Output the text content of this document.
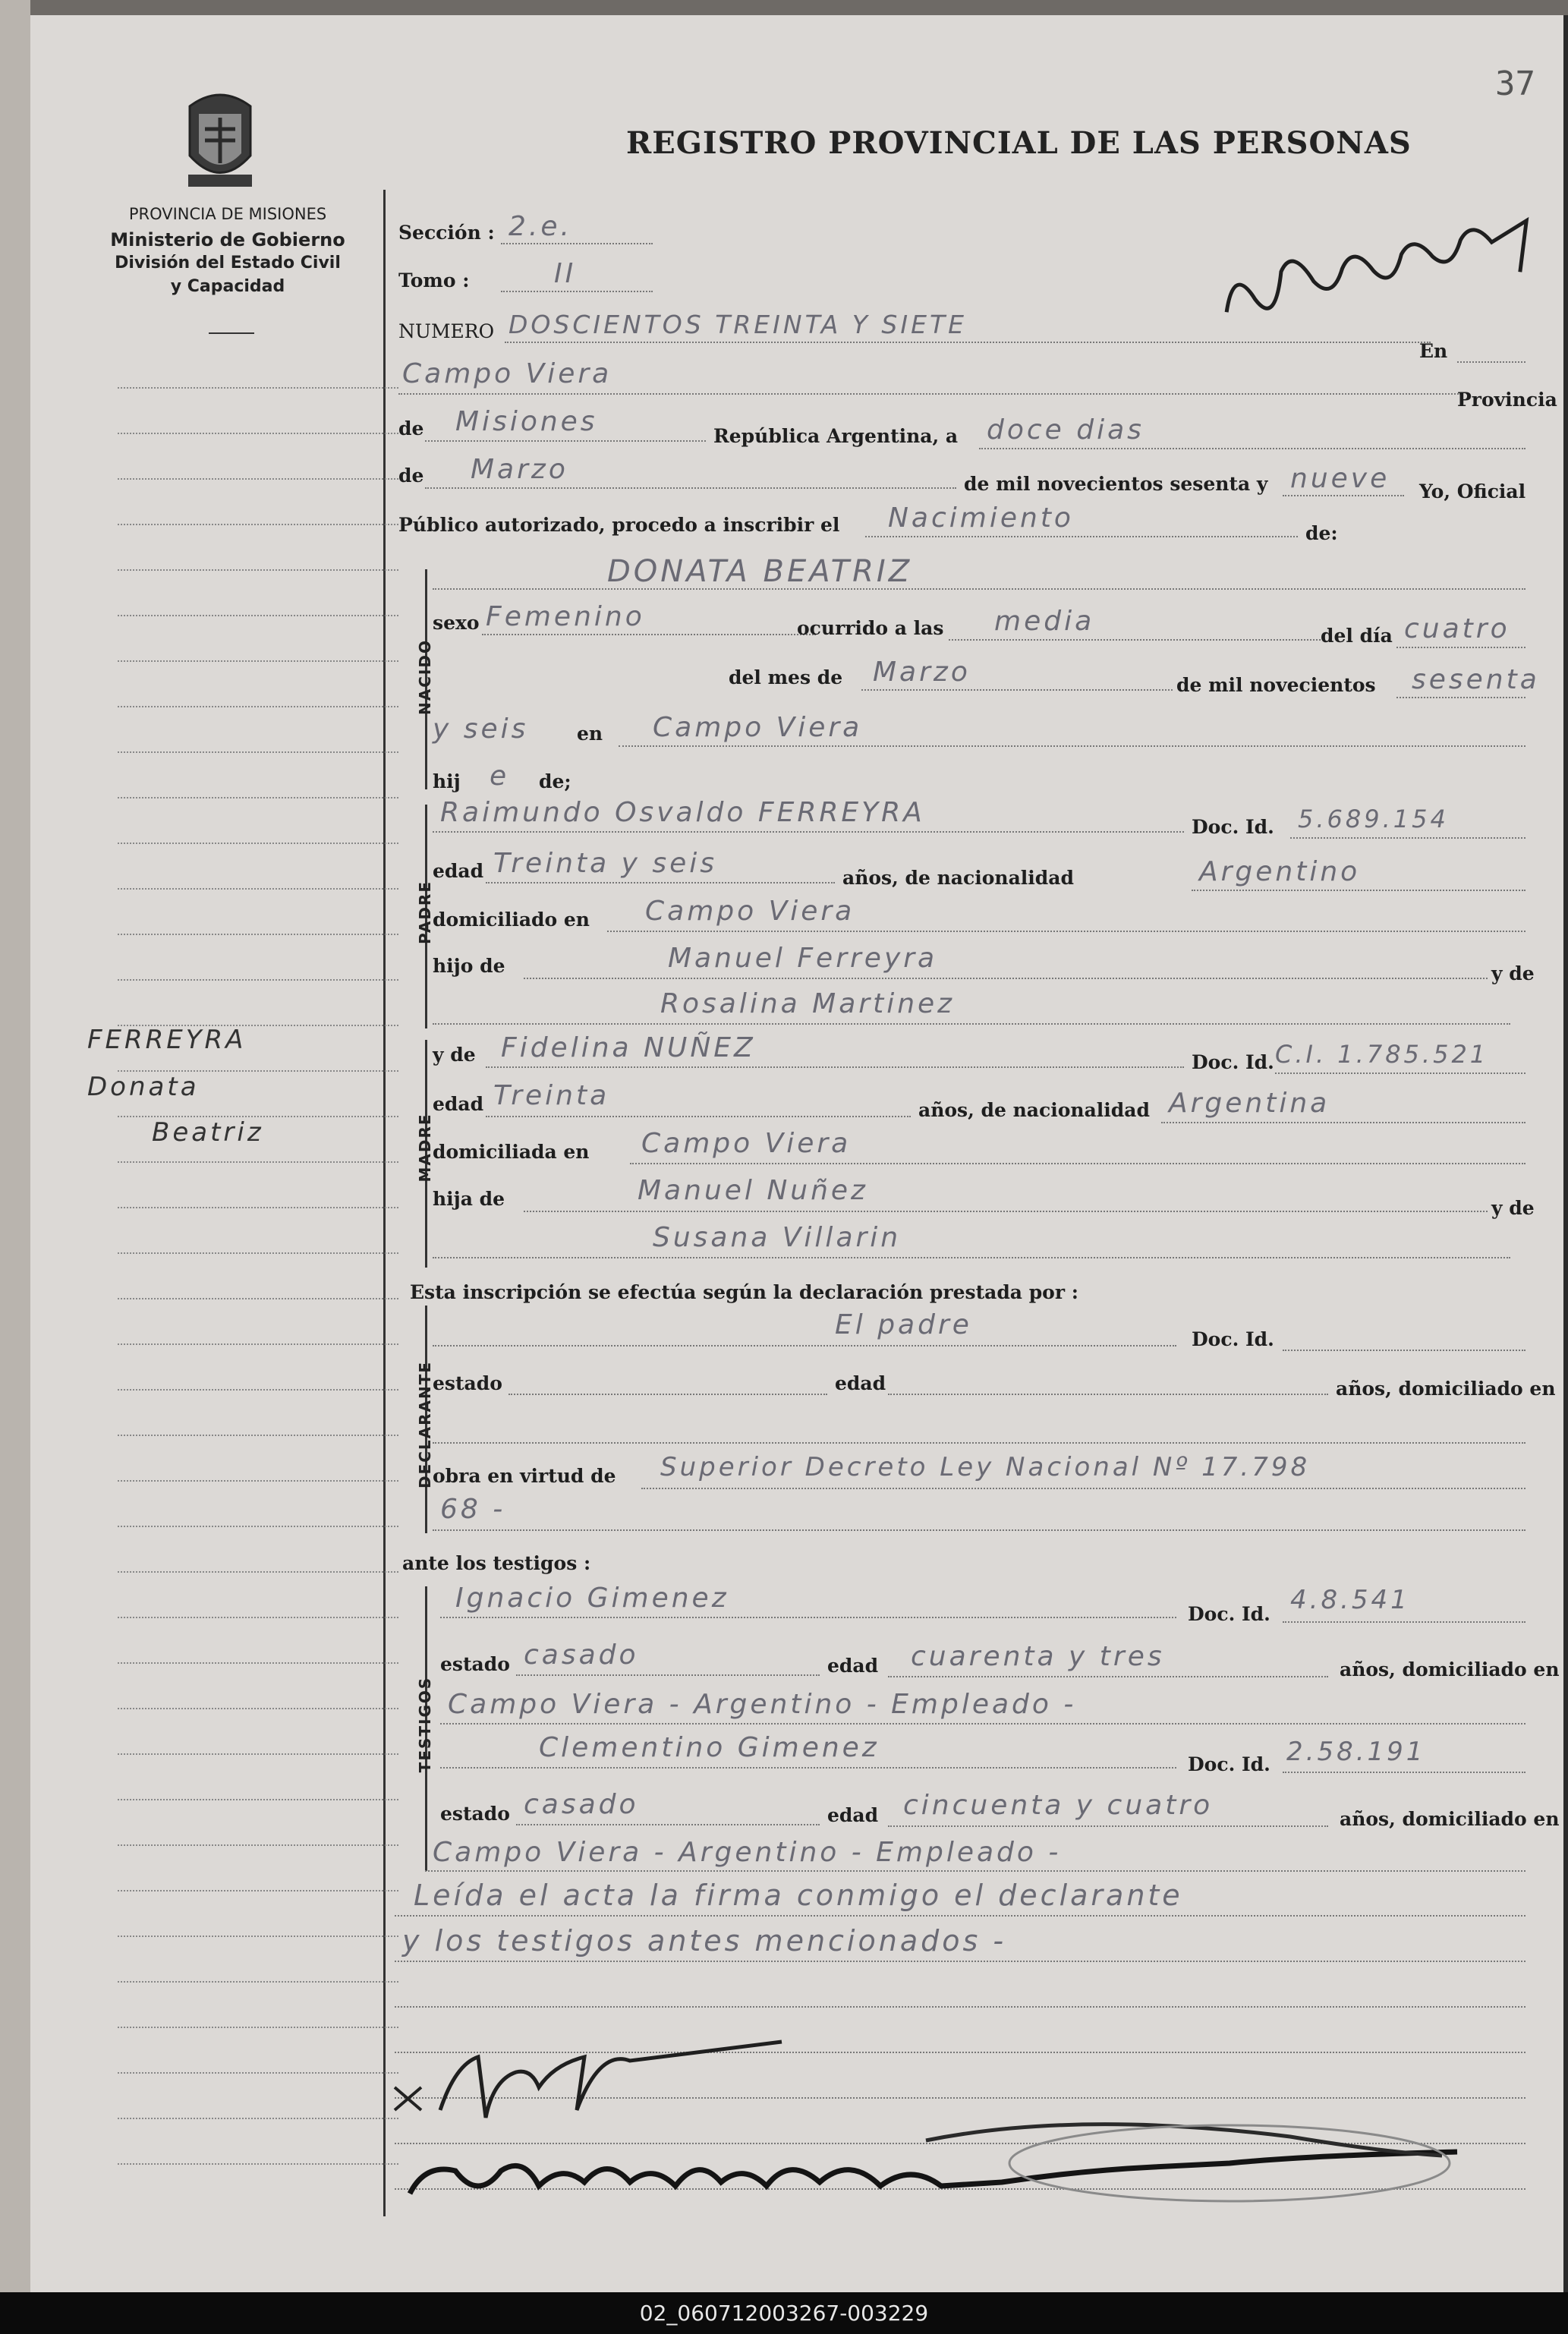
37
PROVINCIA DE MISIONES
Ministerio de Gobierno
División del Estado Civil
y Capacidad
REGISTRO PROVINCIAL DE LAS PERSONAS
Sección : 2.e.
Tomo :	II
NUMERO DOSCIENTOS TREINTA Y SIETE
En
Campo Viera
Provincia
de Misiones	República Argentina, a doce dias
de Marzo	de mil novecientos sesenta y nueve Yo, Oficial
Público autorizado, procedo a inscribir el Nacimiento	de:
NACIDO
DONATA BEATRIZ
sexo Femenino	ocurrido a las media	del día cuatro
del mes de Marzo	de mil novecientos sesenta
y seis	en Campo Viera
hij e de;
PADRE
Raimundo Osvaldo FERREYRA	Doc. Id. 5.689.154
edad Treinta y seis	años, de nacionalidad	Argentino
domiciliado en Campo Viera
hijo de	Manuel Ferreyra	y de
Rosalina Martinez
MADRE
y de Fidelina NUÑEZ	Doc. Id. C.I. 1.785.521
edad Treinta	años, de nacionalidad Argentina
domiciliada en Campo Viera
hija de	Manuel Nuñez
y de
Susana Villarin
Esta inscripción se efectúa según la declaración prestada por :
DECLARANTE
El padre	Doc. Id.
estado	edad	años, domiciliado en
obra en virtud de Superior Decreto Ley Nacional Nº 17.798
68 -
ante los testigos :
TESTIGOS
Ignacio Gimenez
Doc. Id. 4.8.541
estado casado	edad cuarenta y tres	años, domiciliado en
Campo Viera - Argentino - Empleado -
Clementino Gimenez
Doc. Id. 2.58.191
estado casado	edad cincuenta y cuatro	años, domiciliado en
Campo Viera - Argentino - Empleado -
Leída el acta la firma conmigo el declarante
y los testigos antes mencionados -
FERREYRA
Donata
Beatriz
02_060712003267-003229
